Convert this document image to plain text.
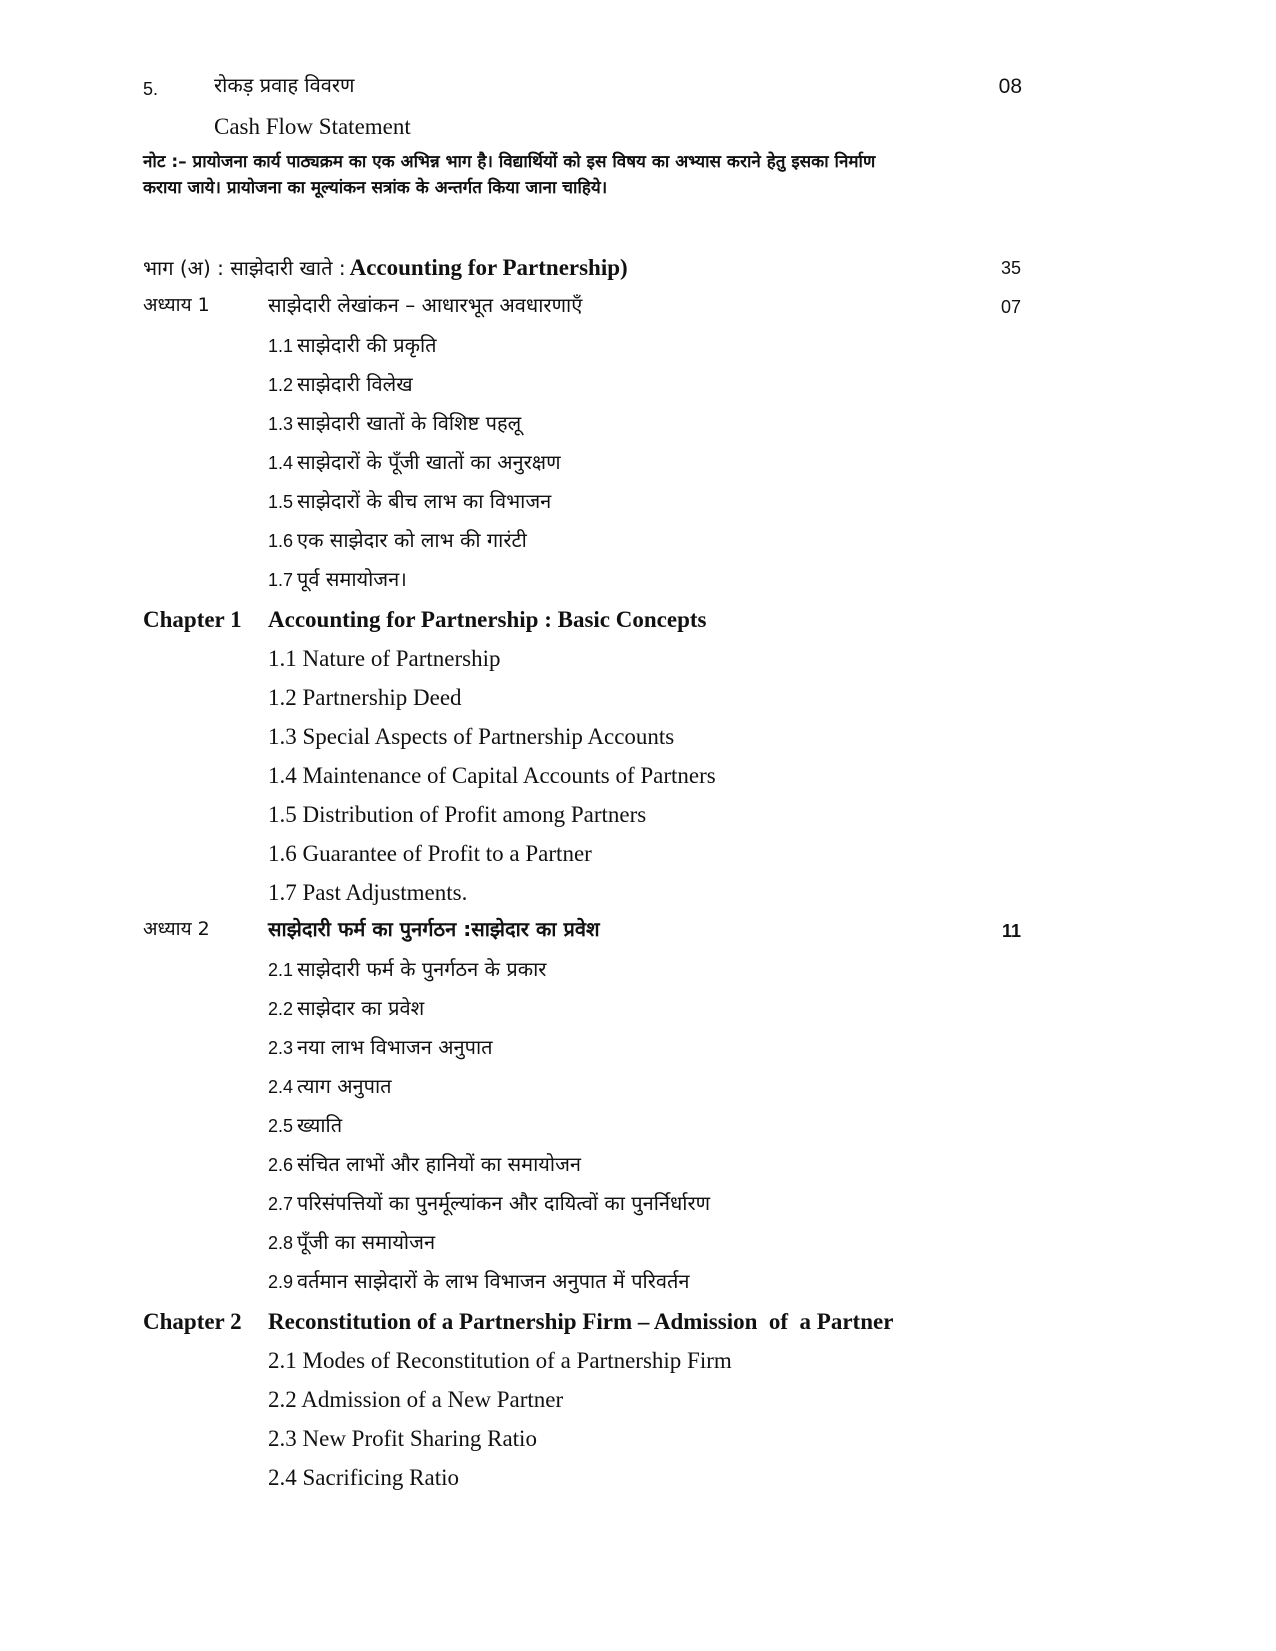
5.	रोकड़ प्रवाह विवरण	08
Cash Flow Statement
नोट :– प्रायोजना कार्य पाठ्यक्रम का एक अभिन्न भाग है। विद्यार्थियों को इस विषय का अभ्यास कराने हेतु इसका निर्माण
कराया जाये। प्रायोजना का मूल्यांकन सत्रांक के अन्तर्गत किया जाना चाहिये।
भाग (अ) : साझेदारी खाते : Accounting for Partnership)	35
अध्याय 1	साझेदारी लेखांकन – आधारभूत अवधारणाएँ	07
1.1 साझेदारी की प्रकृति
1.2 साझेदारी विलेख
1.3 साझेदारी खातों के विशिष्ट पहलू
1.4 साझेदारों के पूँजी खातों का अनुरक्षण
1.5 साझेदारों के बीच लाभ का विभाजन
1.6 एक साझेदार को लाभ की गारंटी
1.7 पूर्व समायोजन।
Chapter 1 Accounting for Partnership : Basic Concepts
1.1 Nature of Partnership
1.2 Partnership Deed
1.3 Special Aspects of Partnership Accounts
1.4 Maintenance of Capital Accounts of Partners
1.5 Distribution of Profit among Partners
1.6 Guarantee of Profit to a Partner
1.7 Past Adjustments.
अध्याय 2	साझेदारी फर्म का पुनर्गठन :साझेदार का प्रवेश	11
2.1 साझेदारी फर्म के पुनर्गठन के प्रकार
2.2 साझेदार का प्रवेश
2.3 नया लाभ विभाजन अनुपात
2.4 त्याग अनुपात
2.5 ख्याति
2.6 संचित लाभों और हानियों का समायोजन
2.7 परिसंपत्तियों का पुनर्मूल्यांकन और दायित्वों का पुनर्निर्धारण
2.8 पूँजी का समायोजन
2.9 वर्तमान साझेदारों के लाभ विभाजन अनुपात में परिवर्तन
Chapter 2 Reconstitution of a Partnership Firm – Admission  of  a Partner
2.1 Modes of Reconstitution of a Partnership Firm
2.2 Admission of a New Partner
2.3 New Profit Sharing Ratio
2.4 Sacrificing Ratio
